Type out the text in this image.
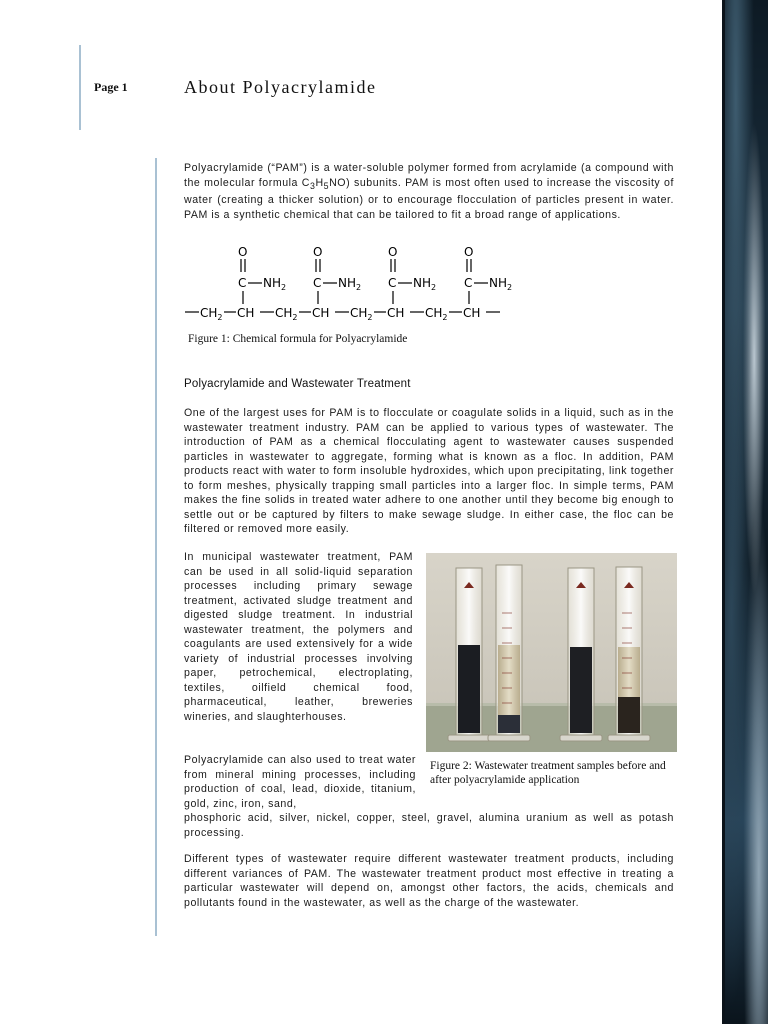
Page 1	About Polyacrylamide

Polyacrylamide (“PAM”) is a water-soluble polymer formed from acrylamide (a compound with the molecular formula $C_3H_5NO$) subunits. PAM is most often used to increase the viscosity of water (creating a thicker solution) or to encourage flocculation of particles present in water. PAM is a synthetic chemical that can be tailored to fit a broad range of applications.

O
C $NH_2$
O
C $NH_2$
O
C $NH_2$
O
C $NH_2$
$CH_2$ CH $CH_2$ CH $CH_2$ CH $CH_2$ CH

Figure 1: Chemical formula for Polyacrylamide

Polyacrylamide and Wastewater Treatment

One of the largest uses for PAM is to flocculate or coagulate solids in a liquid, such as in the wastewater treatment industry. PAM can be applied to various types of wastewater. The introduction of PAM as a chemical flocculating agent to wastewater causes suspended particles in wastewater to aggregate, forming what is known as a floc. In addition, PAM products react with water to form insoluble hydroxides, which upon precipitating, link together to form meshes, physically trapping small particles into a larger floc. In simple terms, PAM makes the fine solids in treated water adhere to one another until they become big enough to settle out or be captured by filters to make sewage sludge. In either case, the floc can be filtered or removed more easily.

In municipal wastewater treatment, PAM can be used in all solid-liquid separation processes including primary sewage treatment, activated sludge treatment and digested sludge treatment. In industrial wastewater treatment, the polymers and coagulants are used extensively for a wide variety of industrial processes involving paper, petrochemical, electroplating, textiles, oilfield chemical food, pharmaceutical, leather, breweries wineries, and slaughterhouses.

Figure 2: Wastewater treatment samples before and after polyacrylamide application

Polyacrylamide can also used to treat water from mineral mining processes, including production of coal, lead, dioxide, titanium, gold, zinc, iron, sand,

phosphoric acid, silver, nickel, copper, steel, gravel, alumina uranium as well as potash processing.

Different types of wastewater require different wastewater treatment products, including different variances of PAM. The wastewater treatment product most effective in treating a particular wastewater will depend on, amongst other factors, the acids, chemicals and pollutants found in the wastewater, as well as the charge of the wastewater.
